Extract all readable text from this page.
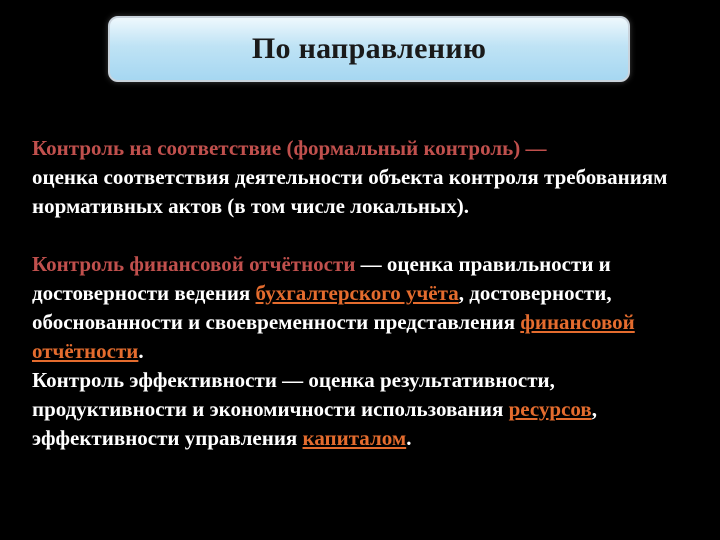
По направлению

Контроль на соответствие (формальный контроль) —
оценка соответствия деятельности объекта контроля требованиям нормативных актов (в том числе локальных).

Контроль финансовой отчётности — оценка правильности и достоверности ведения бухгалтерского учёта, достоверности, обоснованности и своевременности представления финансовой отчётности.

Контроль эффективности — оценка результативности, продуктивности и экономичности использования ресурсов, эффективности управления капиталом.
